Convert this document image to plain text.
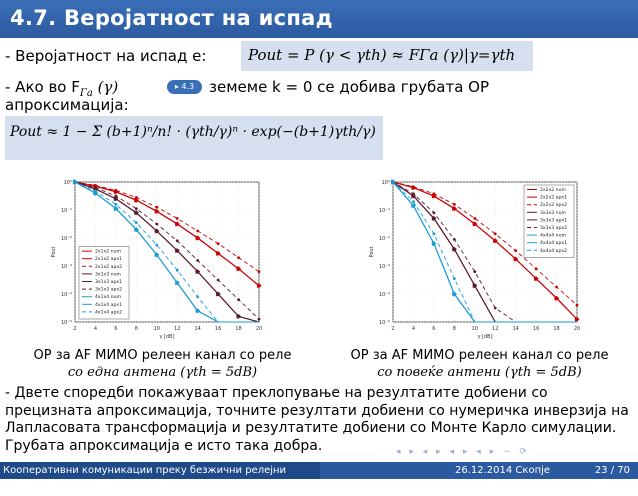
4.7. Веројатност на испад
- Веројатност на испад е:	Pout = P (γ < γth) ≈ FΓa (γ)|γ=γth
- Ако во $F_{\Gamma a}$ (γ)	▸ 4.3 земеме k = 0 се добива грубата ОР
апроксимација:
Pout ≈ 1 − Σ (b+1)ⁿ/n! · (γth/γ)ⁿ · exp(−(b+1)γth/γ)
2	4	6	8	10	12	14	16	18	20
10⁰
10⁻¹
10⁻²
10⁻³
10⁻⁴
10⁻⁵
γ [dB]
Pout	2x1x2 num
2x1x2 apx1
2x1x2 apx2
3x1x3 num
3x1x3 apx1
3x1x3 apx2
4x1x4 num
4x1x4 apx1
4x1x4 apx2
2	4	6	8	10	12	14	16	18	20
10⁰
10⁻¹
10⁻²
10⁻³
10⁻⁴
10⁻⁵
γ [dB]
Pout
2x2x2 num
2x2x2 apx1
2x2x2 apx2
3x3x3 num
3x3x3 apx1
3x3x3 apx2
4x4x4 num
4x4x4 apx1
4x4x4 apx2
ОР за AF МИМО релеен канал со реле
со една антена (γth = 5dB)
ОР за AF МИМО релеен канал со реле
со повеќе антени (γth = 5dB)
- Двете споредби покажуваат преклопување на резултатите добиени со прецизната апроксимација, точните резултати добиени со нумеричка инверзија на Лапласовата трансформација и резултатите добиени со Монте Карло симулации. Грубата апроксимација е исто така добра.	◂ ▸ ◂ ▸ ◂ ▸ ◂ ▸ ∽ ⟳
Кооперативни комуникации преку безжични релејни канали
26.12.2014 Скопје	23 / 70
